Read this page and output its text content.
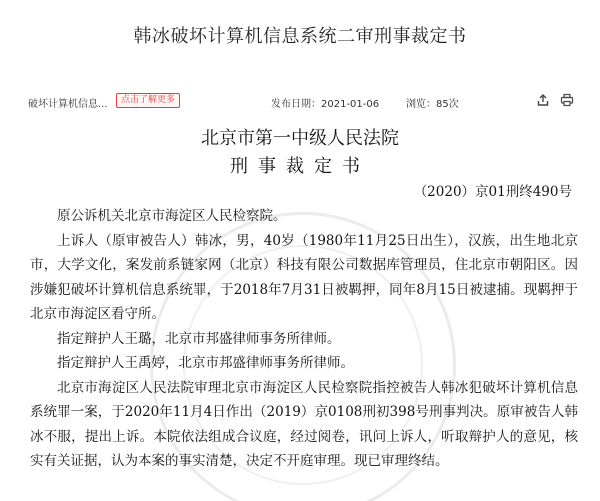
韩冰破坏计算机信息系统二审刑事裁定书
破坏计算机信息...	点击了解更多	发布日期：2021-01-06	浏览：85次
北京市第一中级人民法院
刑事裁定书
（2020）京01刑终490号

原公诉机关北京市海淀区人民检察院。

上诉人（原审被告人）韩冰，男，40岁（1980年11月25日出生），汉族，出生地北京市，大学文化，案发前系链家网（北京）科技有限公司数据库管理员，住北京市朝阳区。因涉嫌犯破坏计算机信息系统罪，于2018年7月31日被羁押，同年8月15日被逮捕。现羁押于北京市海淀区看守所。

指定辩护人王璐，北京市邦盛律师事务所律师。

指定辩护人王禹婷，北京市邦盛律师事务所律师。

北京市海淀区人民法院审理北京市海淀区人民检察院指控被告人韩冰犯破坏计算机信息系统罪一案，于2020年11月4日作出（2019）京0108刑初398号刑事判决。原审被告人韩冰不服，提出上诉。本院依法组成合议庭，经过阅卷，讯问上诉人，听取辩护人的意见，核实有关证据，认为本案的事实清楚，决定不开庭审理。现已审理终结。
